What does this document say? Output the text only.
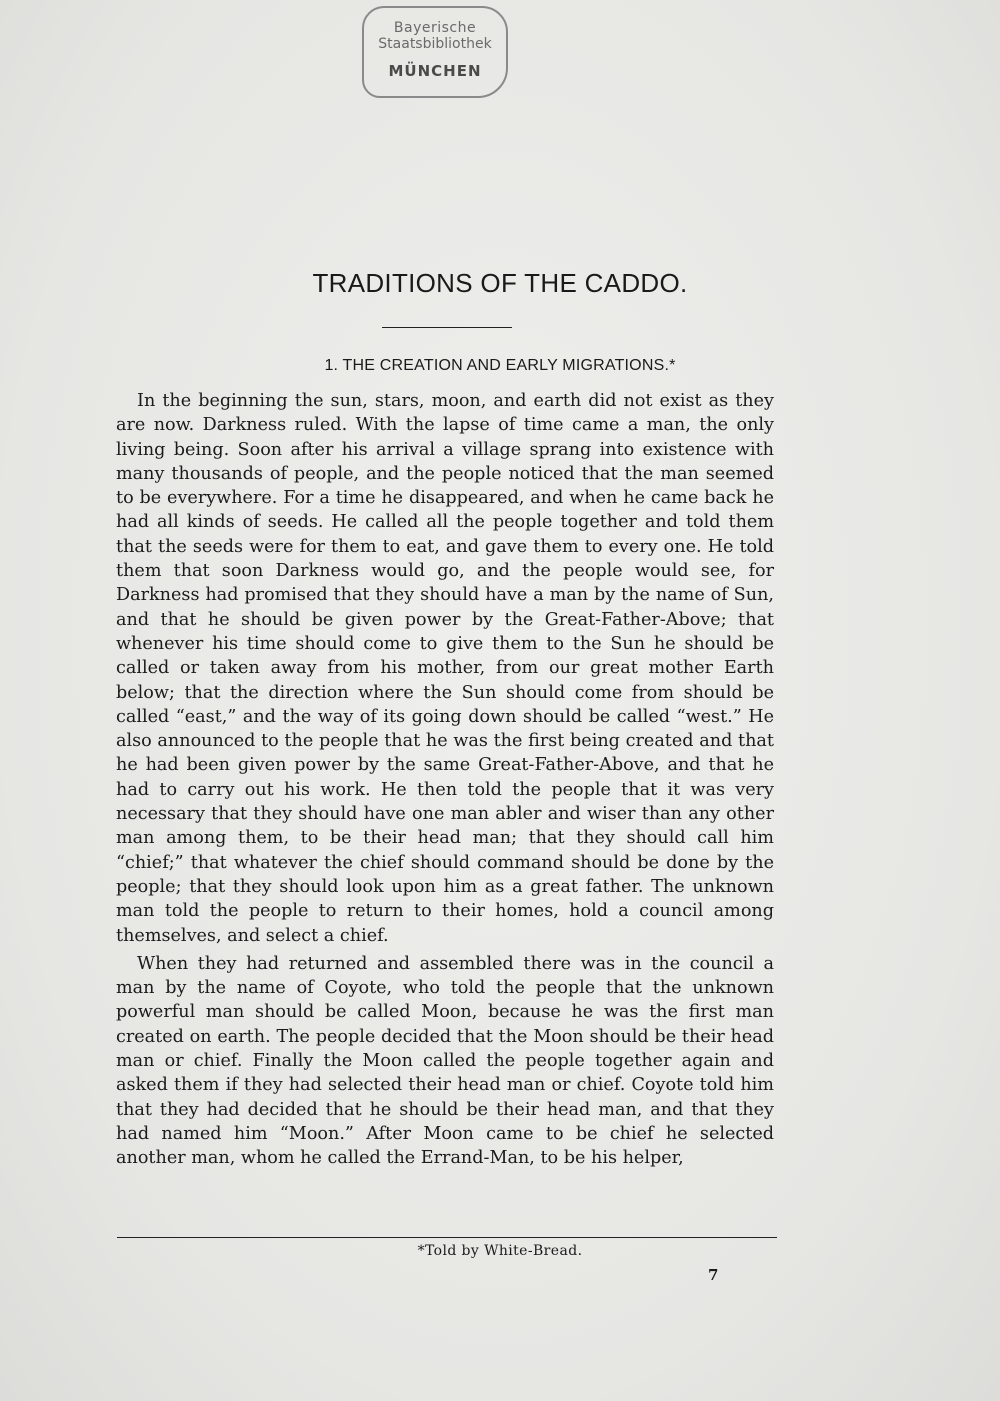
Bayerische
Staatsbibliothek
MÜNCHEN
TRADITIONS OF THE CADDO.
1. THE CREATION AND EARLY MIGRATIONS.*

In the beginning the sun, stars, moon, and earth did not exist as they are now. Darkness ruled. With the lapse of time came a man, the only living being. Soon after his arrival a village sprang into existence with many thousands of people, and the people noticed that the man seemed to be everywhere. For a time he disappeared, and when he came back he had all kinds of seeds. He called all the people together and told them that the seeds were for them to eat, and gave them to every one. He told them that soon Darkness would go, and the people would see, for Darkness had promised that they should have a man by the name of Sun, and that he should be given power by the Great-Father-Above; that whenever his time should come to give them to the Sun he should be called or taken away from his mother, from our great mother Earth below; that the direction where the Sun should come from should be called “east,” and the way of its going down should be called “west.” He also announced to the people that he was the first being created and that he had been given power by the same Great-Father-Above, and that he had to carry out his work. He then told the people that it was very necessary that they should have one man abler and wiser than any other man among them, to be their head man; that they should call him “chief;” that whatever the chief should command should be done by the people; that they should look upon him as a great father. The unknown man told the people to return to their homes, hold a council among themselves, and select a chief.

When they had returned and assembled there was in the council a man by the name of Coyote, who told the people that the unknown powerful man should be called Moon, because he was the first man created on earth. The people decided that the Moon should be their head man or chief. Finally the Moon called the people together again and asked them if they had selected their head man or chief. Coyote told him that they had decided that he should be their head man, and that they had named him “Moon.” After Moon came to be chief he selected another man, whom he called the Errand-Man, to be his helper,

*Told by White-Bread.
7
